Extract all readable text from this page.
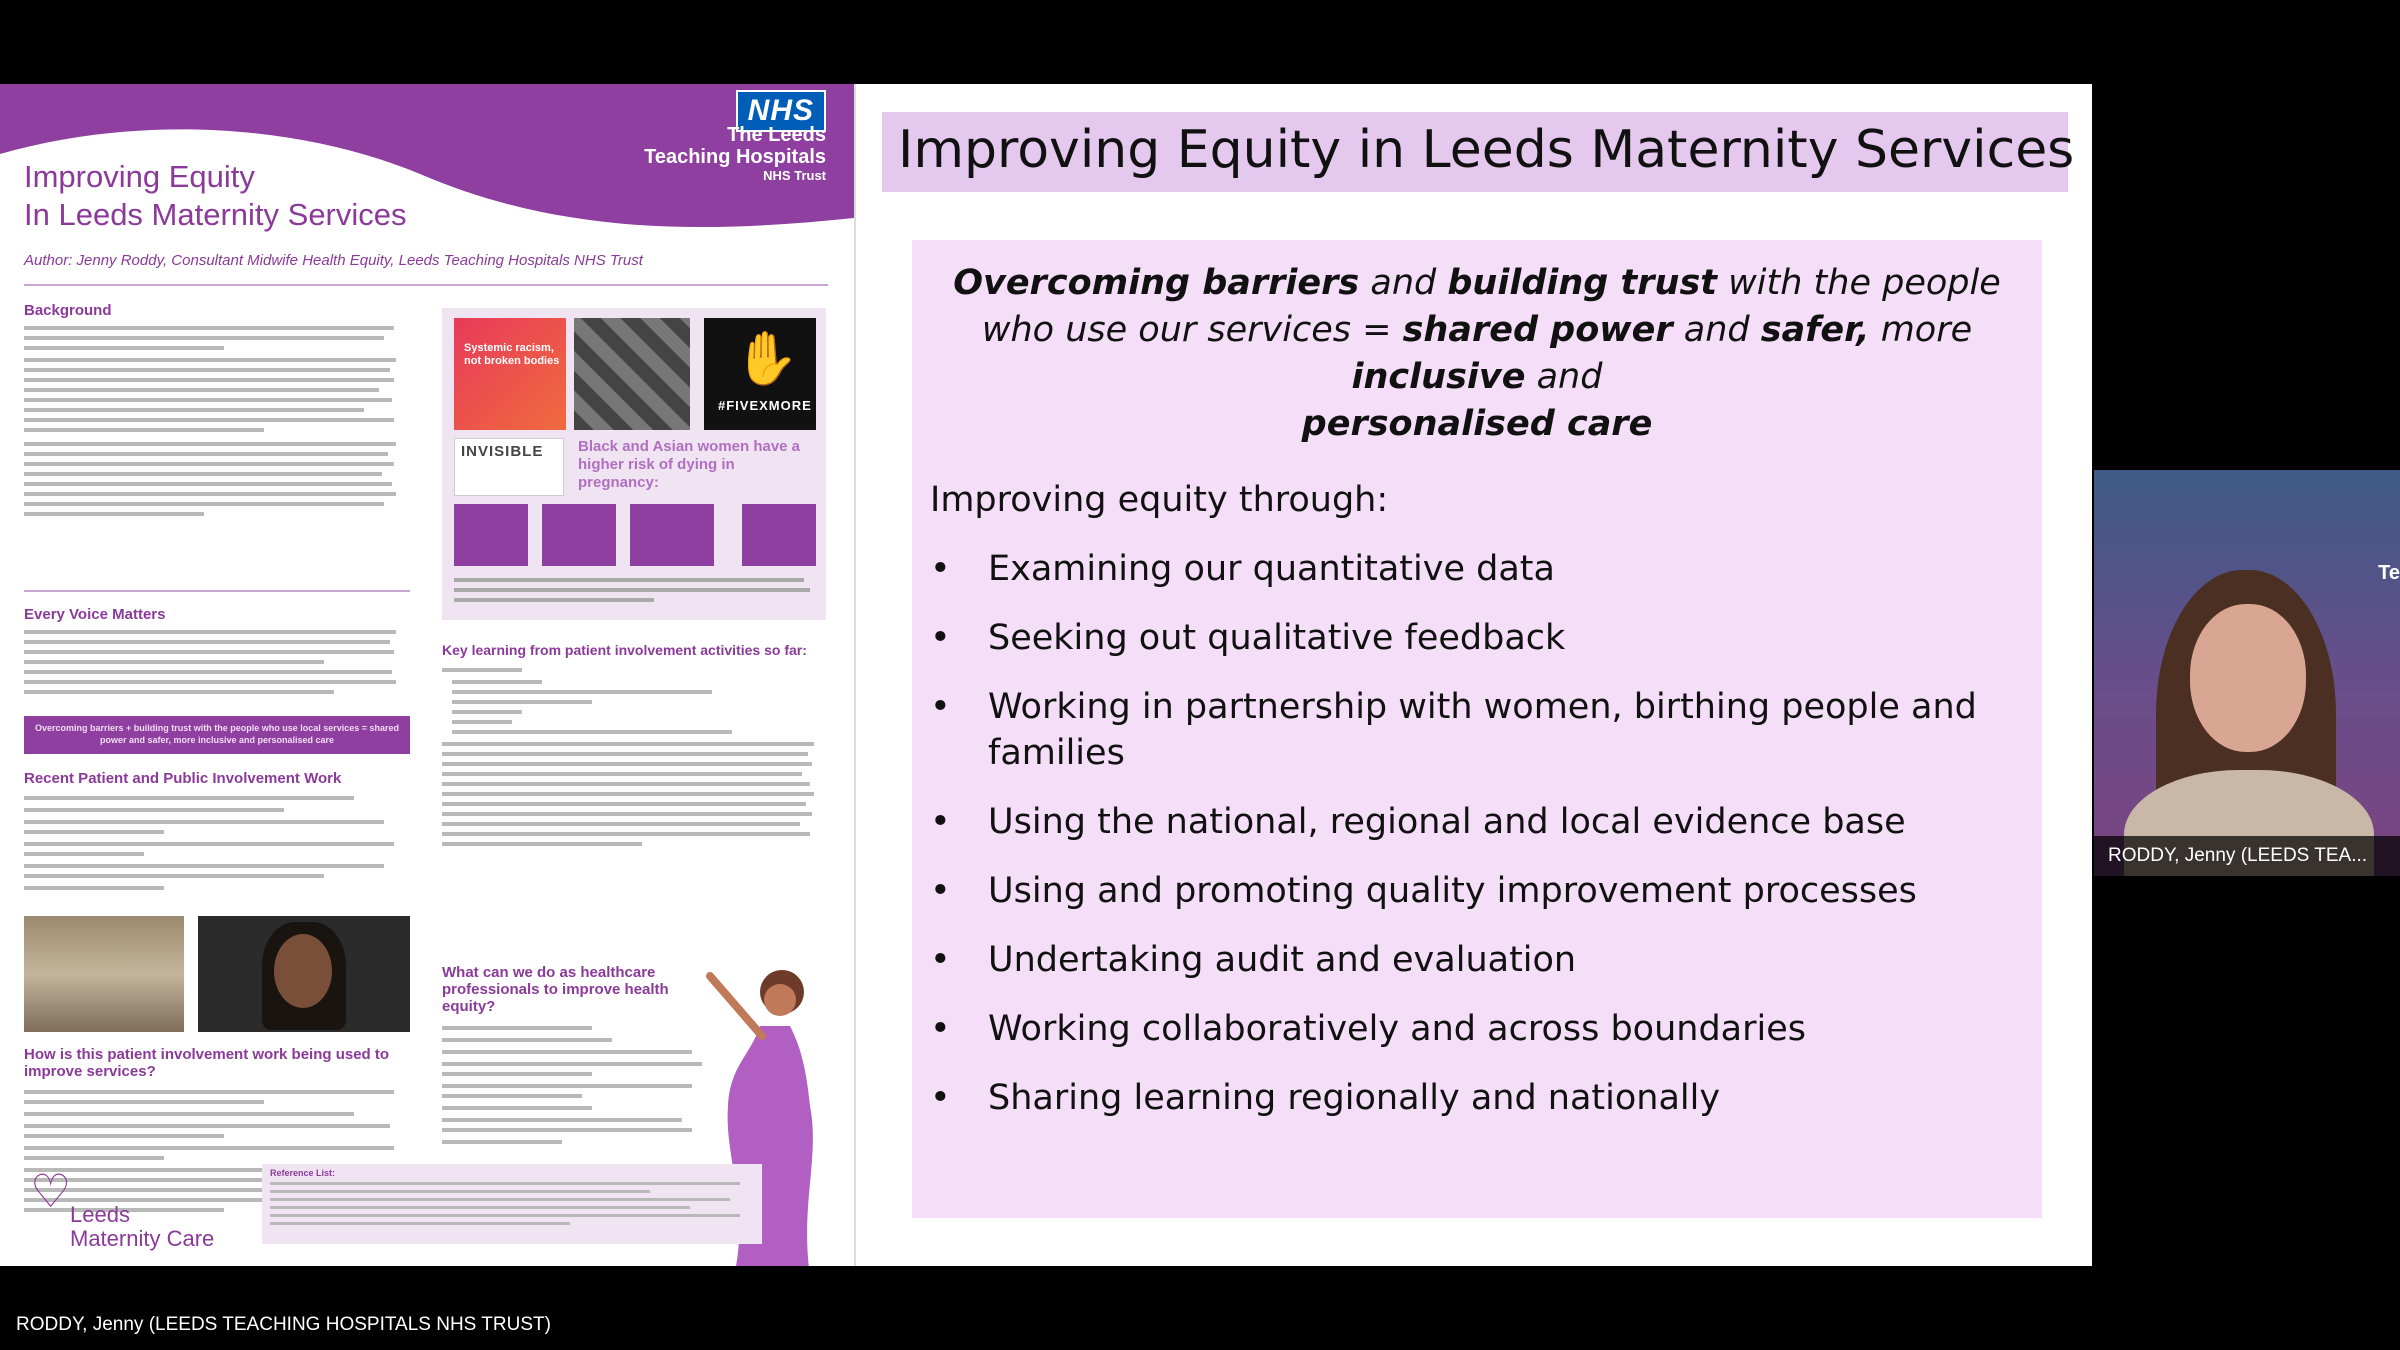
NHS
The Leeds
Teaching Hospitals
NHS Trust
Improving Equity
In Leeds Maternity Services
Author: Jenny Roddy, Consultant Midwife Health Equity, Leeds Teaching Hospitals NHS Trust
Background
Every Voice Matters
Overcoming barriers + building trust with the people who use local services = shared power and safer, more inclusive and personalised care
Recent Patient and Public Involvement Work
How is this patient involvement work being used to improve services?
Systemic racism, not broken bodies	✋
#FIVEXMORE
INVISIBLE Black and Asian women have a higher risk of dying in pregnancy:
Key learning from patient involvement activities so far:
What can we do as healthcare professionals to improve health equity?
♡
Leeds
Maternity Care
Reference List:
Improving Equity in Leeds Maternity Services
Overcoming barriers and building trust with the people who use our services = shared power and safer, more inclusive and
personalised care
Improving equity through:
• Examining our quantitative data
• Seeking out qualitative feedback
• Working in partnership with women, birthing people and families
• Using the national, regional and local evidence base
• Using and promoting quality improvement processes
• Undertaking audit and evaluation
• Working collaboratively and across boundaries
• Sharing learning regionally and nationally
Te
RODDY, Jenny (LEEDS TEA...
RODDY, Jenny (LEEDS TEACHING HOSPITALS NHS TRUST)
